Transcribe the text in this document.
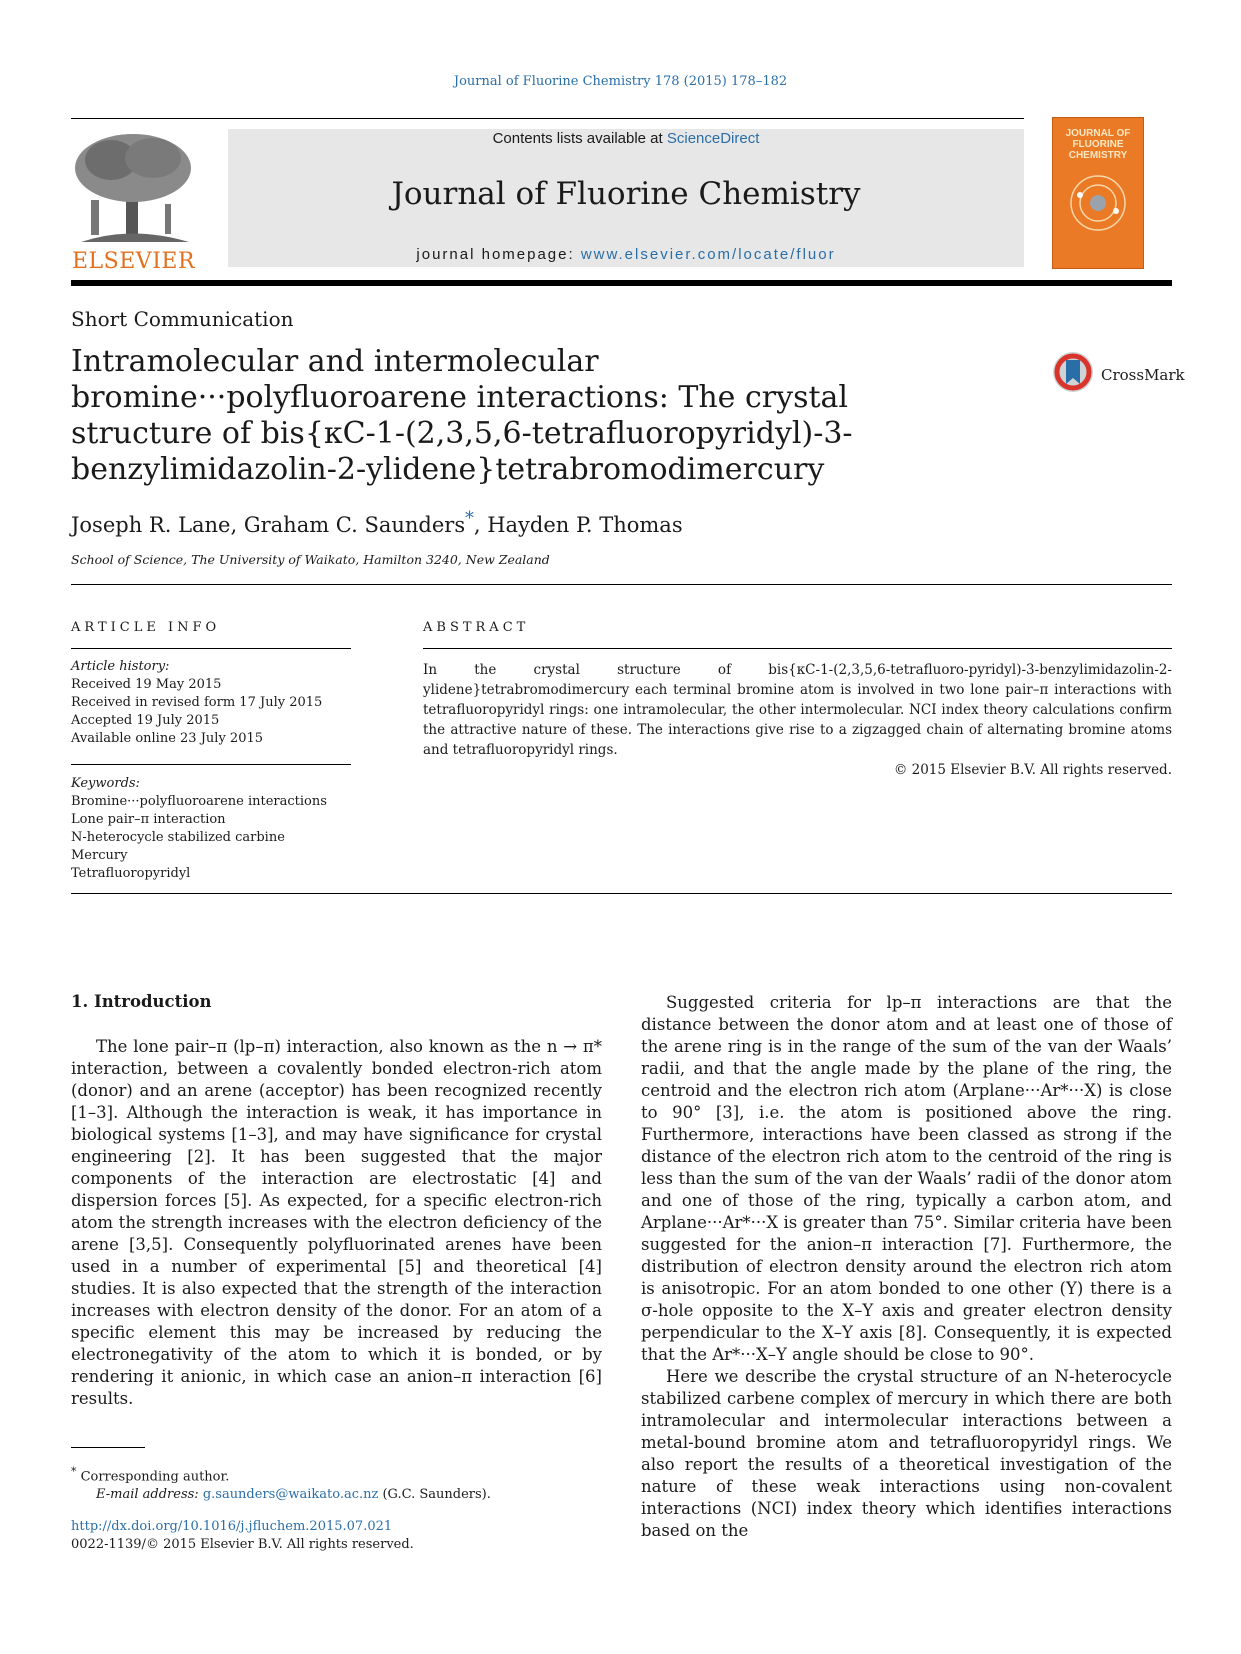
Journal of Fluorine Chemistry 178 (2015) 178–182
ELSEVIER
Contents lists available at ScienceDirect
Journal of Fluorine Chemistry
journal homepage: www.elsevier.com/locate/fluor
JOURNAL OF
FLUORINE
CHEMISTRY
Short Communication
Intramolecular and intermolecular bromine···polyfluoroarene interactions: The crystal structure of bis{κC-1-(2,3,5,6-tetrafluoropyridyl)-3-benzylimidazolin-2-ylidene}tetrabromodimercury
CrossMark
Joseph R. Lane, Graham C. Saunders*, Hayden P. Thomas
School of Science, The University of Waikato, Hamilton 3240, New Zealand
ARTICLE INFO
Article history:
Received 19 May 2015
Received in revised form 17 July 2015
Accepted 19 July 2015
Available online 23 July 2015
Keywords:
Bromine···polyfluoroarene interactions
Lone pair–π interaction
N-heterocycle stabilized carbine
Mercury
Tetrafluoropyridyl
ABSTRACT
In the crystal structure of bis{κC-1-(2,3,5,6-tetrafluoro-pyridyl)-3-benzylimidazolin-2-ylidene}tetrabromodimercury each terminal bromine atom is involved in two lone pair–π interactions with tetrafluoropyridyl rings: one intramolecular, the other intermolecular. NCI index theory calculations confirm the attractive nature of these. The interactions give rise to a zigzagged chain of alternating bromine atoms and tetrafluoropyridyl rings.
© 2015 Elsevier B.V. All rights reserved.
1. Introduction

The lone pair–π (lp–π) interaction, also known as the n → π* interaction, between a covalently bonded electron-rich atom (donor) and an arene (acceptor) has been recognized recently [1–3]. Although the interaction is weak, it has importance in biological systems [1–3], and may have significance for crystal engineering [2]. It has been suggested that the major components of the interaction are electrostatic [4] and dispersion forces [5]. As expected, for a specific electron-rich atom the strength increases with the electron deficiency of the arene [3,5]. Consequently polyfluorinated arenes have been used in a number of experimental [5] and theoretical [4] studies. It is also expected that the strength of the interaction increases with electron density of the donor. For an atom of a specific element this may be increased by reducing the electronegativity of the atom to which it is bonded, or by rendering it anionic, in which case an anion–π interaction [6] results.

Suggested criteria for lp–π interactions are that the distance between the donor atom and at least one of those of the arene ring is in the range of the sum of the van der Waals’ radii, and that the angle made by the plane of the ring, the centroid and the electron rich atom (Arplane···Ar*···X) is close to 90° [3], i.e. the atom is positioned above the ring. Furthermore, interactions have been classed as strong if the distance of the electron rich atom to the centroid of the ring is less than the sum of the van der Waals’ radii of the donor atom and one of those of the ring, typically a carbon atom, and Arplane···Ar*···X is greater than 75°. Similar criteria have been suggested for the anion–π interaction [7]. Furthermore, the distribution of electron density around the electron rich atom is anisotropic. For an atom bonded to one other (Y) there is a σ-hole opposite to the X–Y axis and greater electron density perpendicular to the X–Y axis [8]. Consequently, it is expected that the Ar*···X–Y angle should be close to 90°.

Here we describe the crystal structure of an N-heterocycle stabilized carbene complex of mercury in which there are both intramolecular and intermolecular interactions between a metal-bound bromine atom and tetrafluoropyridyl rings. We also report the results of a theoretical investigation of the nature of these weak interactions using non-covalent interactions (NCI) index theory which identifies interactions based on the

* Corresponding author.
E-mail address: g.saunders@waikato.ac.nz (G.C. Saunders).
http://dx.doi.org/10.1016/j.jfluchem.2015.07.021
0022-1139/© 2015 Elsevier B.V. All rights reserved.
